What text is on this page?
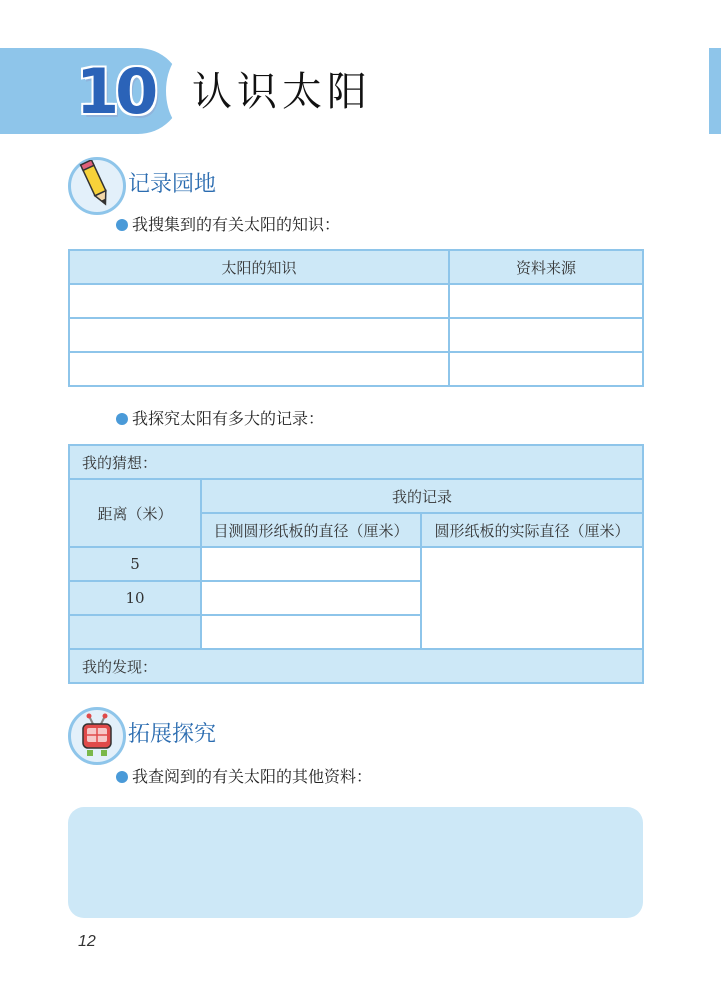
10 认识太阳
记录园地
我搜集到的有关太阳的知识：
太阳的知识	资料来源

我探究太阳有多大的记录：
我的猜想：		
距离（米）	我的记录	
	目测圆形纸板的直径（厘米）	圆形纸板的实际直径（厘米）
5		
10		

我的发现：		
拓展探究
我查阅到的有关太阳的其他资料：
12
